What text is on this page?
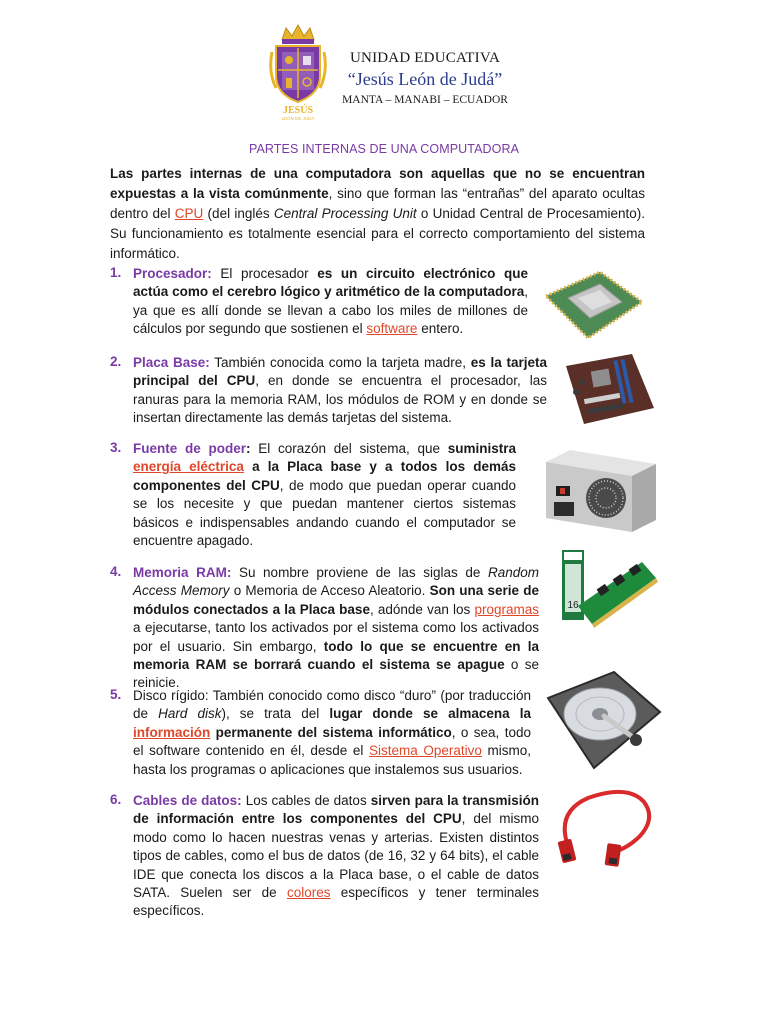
JESÚS
LEÓN DE JUDÁ
UNIDAD EDUCATIVA
“Jesús León de Judá”
MANTA – MANABI – ECUADOR
PARTES INTERNAS DE UNA COMPUTADORA
Las partes internas de una computadora son aquellas que no se encuentran expuestas a la vista comúnmente, sino que forman las “entrañas” del aparato ocultas dentro del CPU (del inglés Central Processing Unit o Unidad Central de Procesamiento). Su funcionamiento es totalmente esencial para el correcto comportamiento del sistema informático.
1. Procesador: El procesador es un circuito electrónico que actúa como el cerebro lógico y aritmético de la computadora, ya que es allí donde se llevan a cabo los miles de millones de cálculos por segundo que sostienen el software entero.
2. Placa Base: También conocida como la tarjeta madre, es la tarjeta principal del CPU, en donde se encuentra el procesador, las ranuras para la memoria RAM, los módulos de ROM y en donde se insertan directamente las demás tarjetas del sistema.
3. Fuente de poder: El corazón del sistema, que suministra energía eléctrica a la Placa base y a todos los demás componentes del CPU, de modo que puedan operar cuando se los necesite y que puedan mantener ciertos sistemas básicos e indispensables andando cuando el computador se encuentre apagado.
4. Memoria RAM: Su nombre proviene de las siglas de Random Access Memory o Memoria de Acceso Aleatorio. Son una serie de módulos conectados a la Placa base, adónde van los programas a ejecutarse, tanto los activados por el sistema como los activados por el usuario. Sin embargo, todo lo que se encuentre en la memoria RAM se borrará cuando el sistema se apague o se reinicie.
16
5. Disco rígido: También conocido como disco “duro” (por traducción de Hard disk), se trata del lugar donde se almacena la información permanente del sistema informático, o sea, todo el software contenido en él, desde el Sistema Operativo mismo, hasta los programas o aplicaciones que instalemos sus usuarios.
6. Cables de datos: Los cables de datos sirven para la transmisión de información entre los componentes del CPU, del mismo modo como lo hacen nuestras venas y arterias. Existen distintos tipos de cables, como el bus de datos (de 16, 32 y 64 bits), el cable IDE que conecta los discos a la Placa base, o el cable de datos SATA. Suelen ser de colores específicos y tener terminales específicos.
